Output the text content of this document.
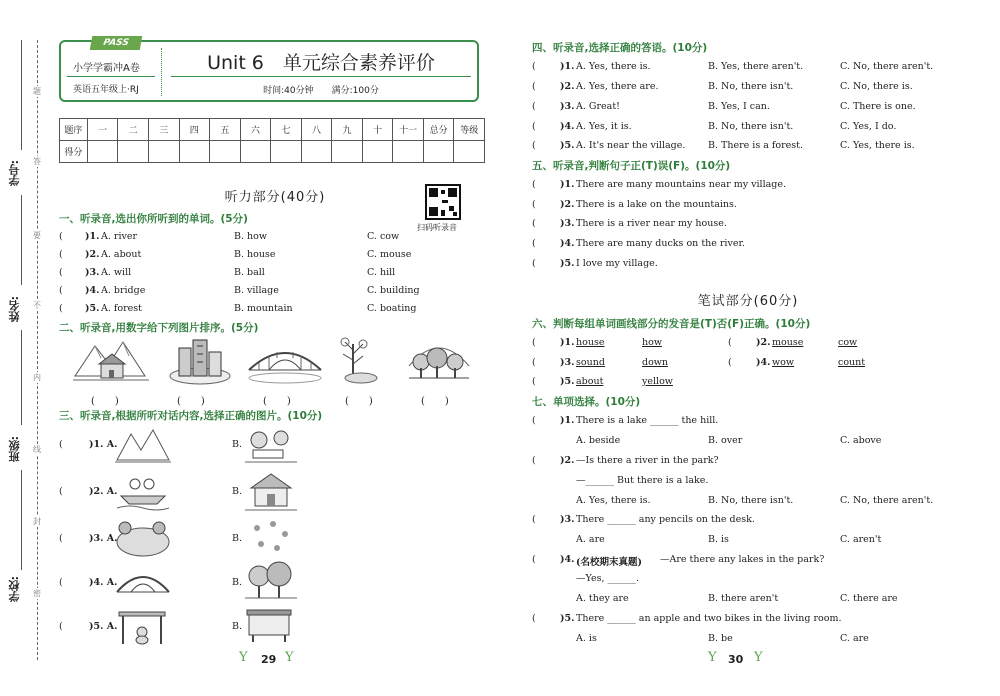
学号:
姓名:
班级:
学校:
题
答
要
不
内
线
封
密
PASS
小学学霸冲A卷
英语五年级上·RJ
Unit 6　单元综合素养评价
时间:40分钟　　满分:100分
题序	一	二	三	四	五	六	七	八	九	十	十一	总分	等级
得分													
听力部分(40分)
扫码听录音
一、听录音,选出你所听到的单词。(5分)
( )1. A. river	B. how	C. cow
( )2. A. about	B. house	C. mouse
( )3. A. will	B. ball	C. hill
( )4. A. bridge	B. village	C. building
( )5. A. forest	B. mountain	C. boating
二、听录音,用数字给下列图片排序。(5分)
(　　)	(　　)	(　　)	(　　)	(　　)
三、听录音,根据所听对话内容,选择正确的图片。(10分)
(	)1. A.	B.
(	)2. A.	B.
(	)3. A.	B.
(	)4. A.	B.
(	)5. A.	B.
Y 29 Y
四、听录音,选择正确的答语。(10分)
(	)1. A. Yes, there is.	B. Yes, there aren't.	C. No, there aren't.
(	)2. A. Yes, there are.	B. No, there isn't.	C. No, there is.
(	)3. A. Great!	B. Yes, I can.	C. There is one.
(	)4. A. Yes, it is.	B. No, there isn't.	C. Yes, I do.
(	)5. A. It's near the village. B. There is a forest.	C. Yes, there is.
五、听录音,判断句子正(T)误(F)。(10分)
(	)1. There are many mountains near my village.
(	)2. There is a lake on the mountains.
(	)3. There is a river near my house.
(	)4. There are many ducks on the river.
(	)5. I love my village.
笔试部分(60分)
六、判断每组单词画线部分的发音是(T)否(F)正确。(10分)
(	)1. house	how	(	)2. mouse	cow
(	)3. sound	down	(	)4. wow	count
(	)5. about	yellow
七、单项选择。(10分)
(	)1. There is a lake ______ the hill.
A. beside	B. over	C. above
(	)2. —Is there a river in the park?
—______ But there is a lake.
A. Yes, there is.	B. No, there isn't.	C. No, there aren't.
(	)3. There ______ any pencils on the desk.
A. are	B. is	C. aren't
(	)4. (名校期末真题) —Are there any lakes in the park?
—Yes, ______.
A. they are	B. there aren't	C. there are
(	)5. There ______ an apple and two bikes in the living room.
A. is	B. be	C. are
Y 30 Y
